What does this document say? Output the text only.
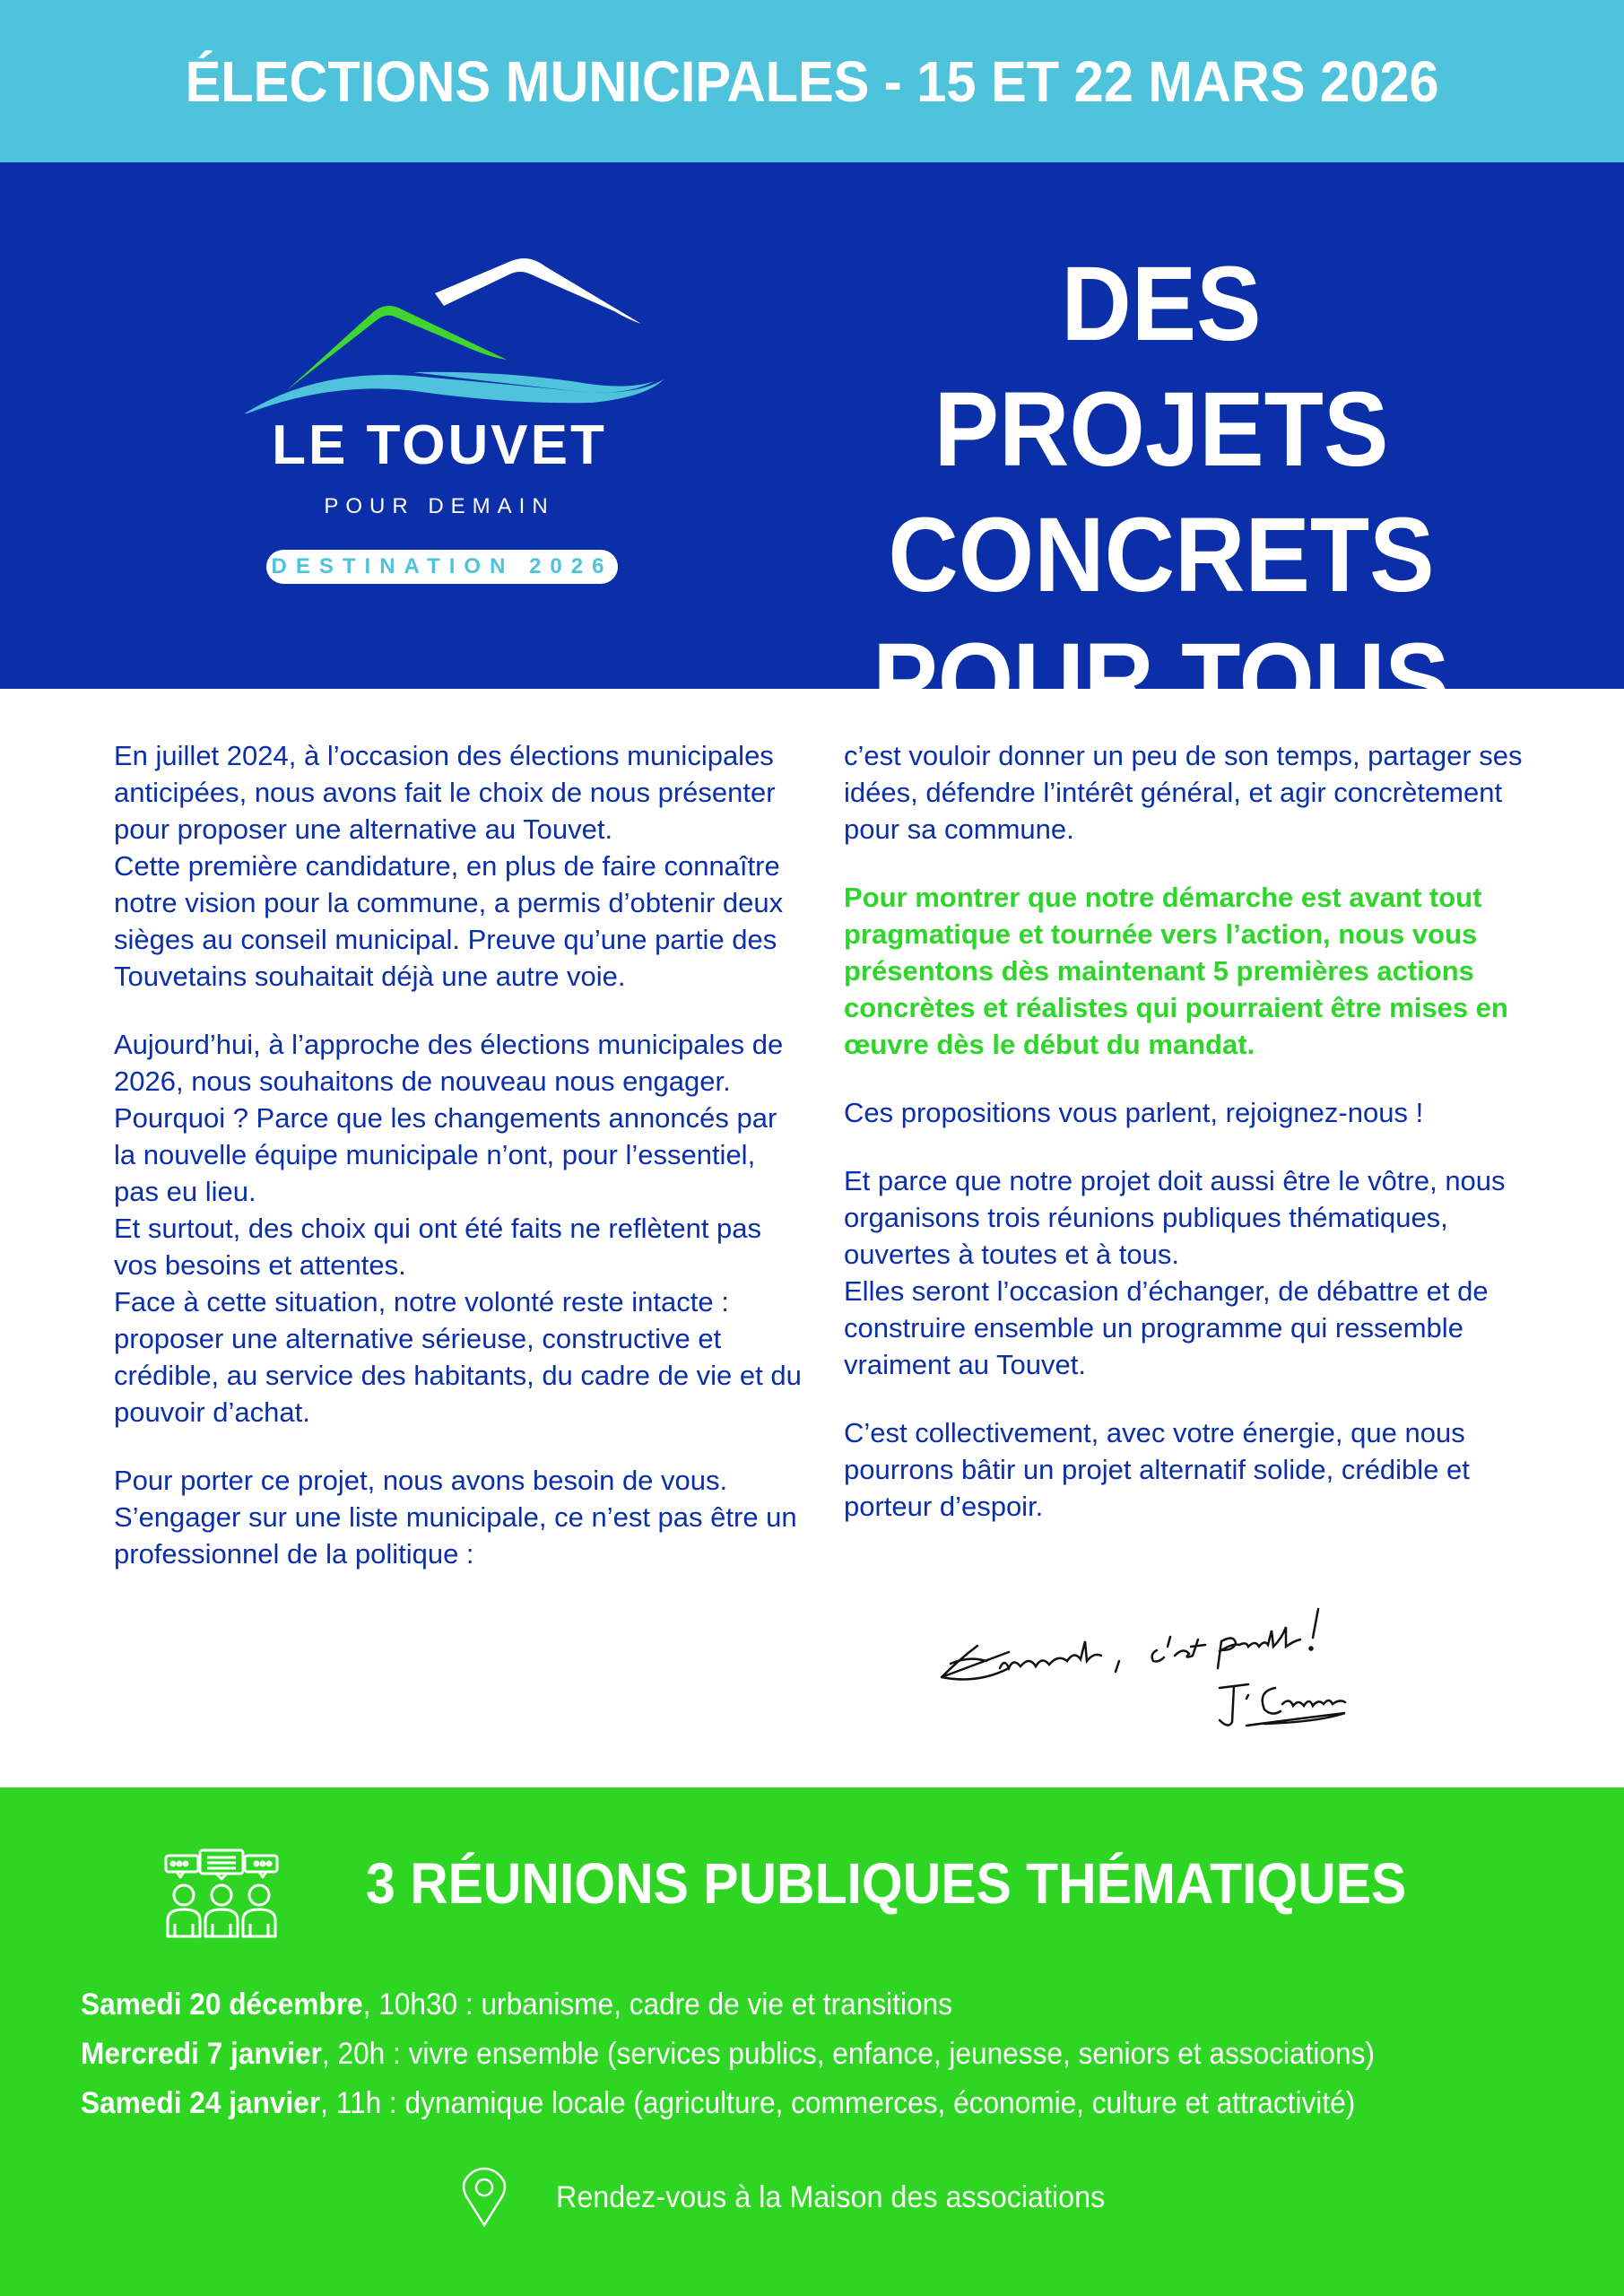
ÉLECTIONS MUNICIPALES - 15 ET 22 MARS 2026
LE TOUVET
POUR DEMAIN
DESTINATION 2026
DES PROJETS
CONCRETS
POUR TOUS

En juillet 2024, à l’occasion des élections municipales anticipées, nous avons fait le choix de nous présenter pour proposer une alternative au Touvet.

Cette première candidature, en plus de faire connaître notre vision pour la commune, a permis d’obtenir deux sièges au conseil municipal. Preuve qu’une partie des Touvetains souhaitait déjà une autre voie.

Aujourd’hui, à l’approche des élections municipales de 2026, nous souhaitons de nouveau nous engager.

Pourquoi ? Parce que les changements annoncés par la nouvelle équipe municipale n’ont, pour l’essentiel, pas eu lieu.

Et surtout, des choix qui ont été faits ne reflètent pas vos besoins et attentes.

Face à cette situation, notre volonté reste intacte : proposer une alternative sérieuse, constructive et crédible, au service des habitants, du cadre de vie et du pouvoir d’achat.

Pour porter ce projet, nous avons besoin de vous. S’engager sur une liste municipale, ce n’est pas être un professionnel de la politique :

c’est vouloir donner un peu de son temps, partager ses idées, défendre l’intérêt général, et agir concrètement pour sa commune.

Pour montrer que notre démarche est avant tout pragmatique et tournée vers l’action, nous vous présentons dès maintenant 5 premières actions concrètes et réalistes qui pourraient être mises en œuvre dès le début du mandat.

Ces propositions vous parlent, rejoignez-nous !

Et parce que notre projet doit aussi être le vôtre, nous organisons trois réunions publiques thématiques, ouvertes à toutes et à tous.

Elles seront l’occasion d’échanger, de débattre et de construire ensemble un programme qui ressemble vraiment au Touvet.

C’est collectivement, avec votre énergie, que nous pourrons bâtir un projet alternatif solide, crédible et porteur d’espoir.

3 RÉUNIONS PUBLIQUES THÉMATIQUES
Samedi 20 décembre, 10h30 : urbanisme, cadre de vie et transitions
Mercredi 7 janvier, 20h : vivre ensemble (services publics, enfance, jeunesse, seniors et associations)
Samedi 24 janvier, 11h : dynamique locale (agriculture, commerces, économie, culture et attractivité)
Rendez-vous à la Maison des associations
